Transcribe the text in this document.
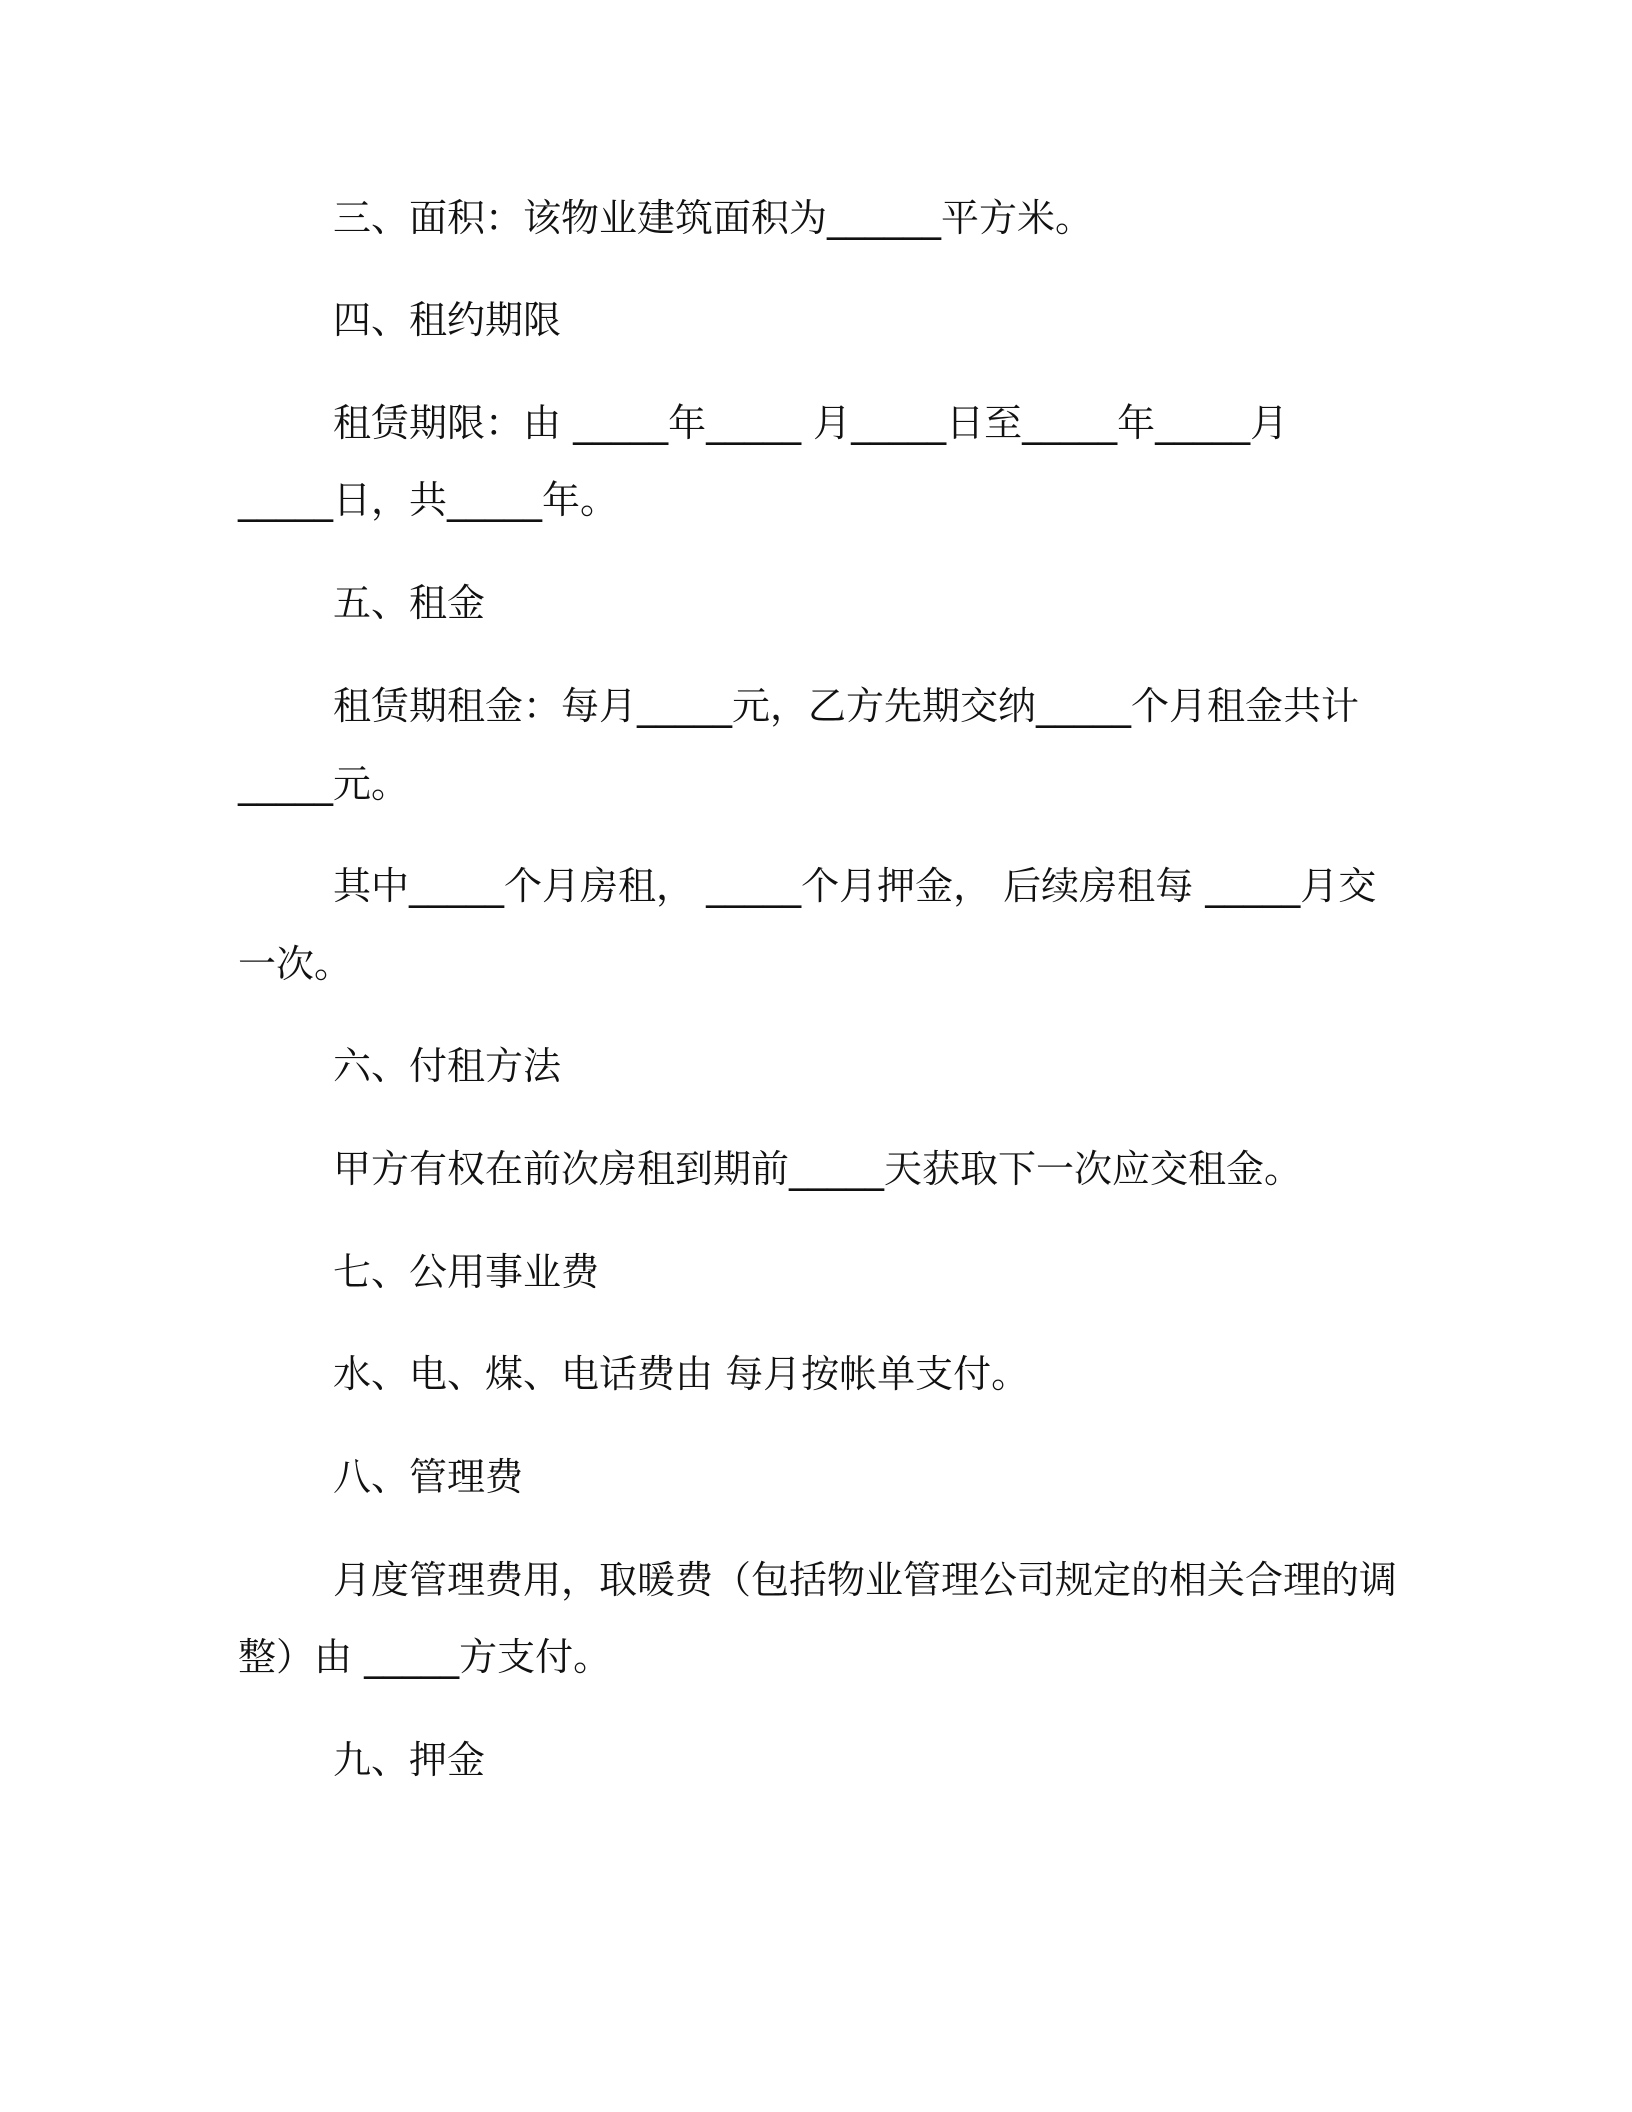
三、面积：该物业建筑面积为______平方米。

四、租约期限

租赁期限：由 _____年_____ 月_____日至_____年_____月

_____日，共_____年。

五、租金

租赁期租金：每月_____元，乙方先期交纳_____个月租金共计

_____元。

其中_____个月房租， _____个月押金， 后续房租每 _____月交

一次。

六、付租方法

甲方有权在前次房租到期前_____天获取下一次应交租金。

七、公用事业费

水、电、煤、电话费由 每月按帐单支付。

八、管理费

月度管理费用，取暖费（包括物业管理公司规定的相关合理的调

整）由 _____方支付。

九、押金
